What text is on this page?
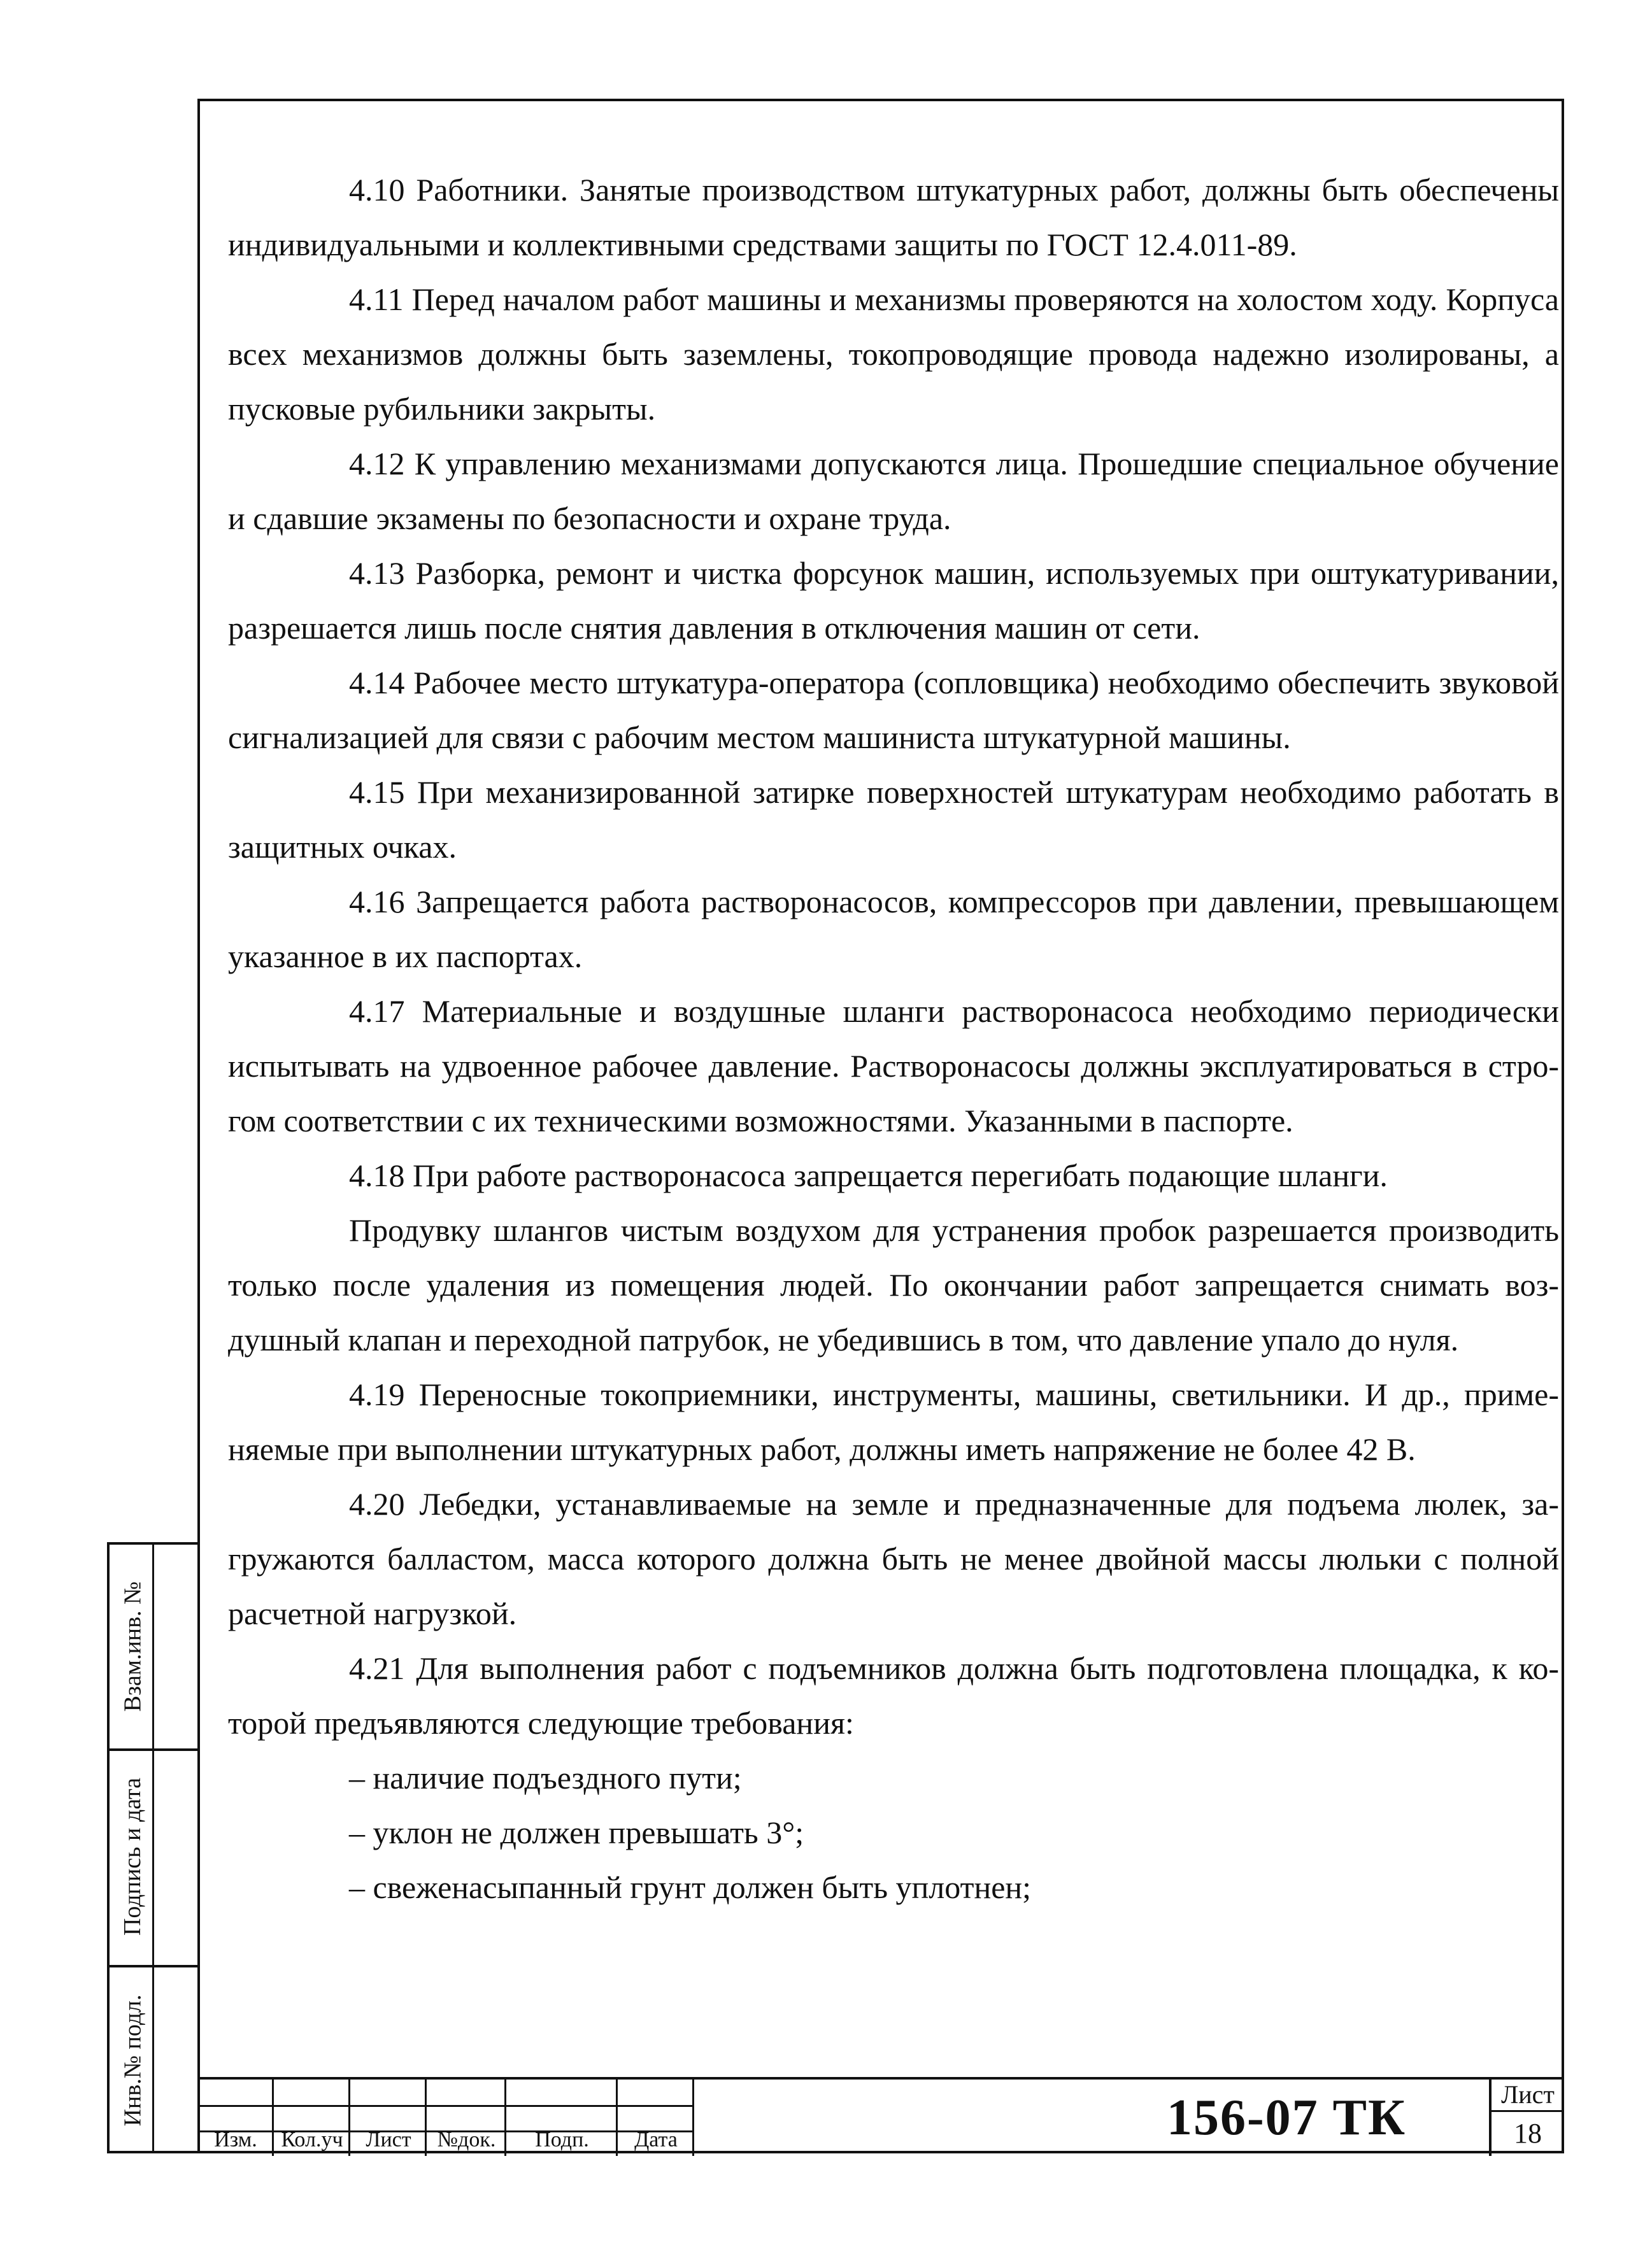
4.10 Работники. Занятые производством штукатурных работ, должны быть обеспечены индивидуальными и коллективными средствами защиты по ГОСТ 12.4.011-89.

4.11 Перед началом работ машины и механизмы проверяются на холостом ходу. Корпуса всех механизмов должны быть заземлены, токопроводящие провода надежно изолированы, а пусковые рубильники закрыты.

4.12 К управлению механизмами допускаются лица. Прошедшие специальное обучение и сдавшие экзамены по безопасности и охране труда.

4.13 Разборка, ремонт и чистка форсунок машин, используемых при оштукатуривании, разрешается лишь после снятия давления в отключения машин от сети.

4.14 Рабочее место штукатура-оператора (сопловщика) необходимо обеспечить звуковой сигнализацией для связи с рабочим местом машиниста штукатурной машины.

4.15 При механизированной затирке поверхностей штукатурам необходимо работать в защитных очках.

4.16 Запрещается работа растворонасосов, компрессоров при давлении, превышающем указанное в их паспортах.

4.17 Материальные и воздушные шланги растворонасоса необходимо периодически испытывать на удвоенное рабочее давление. Растворонасосы должны эксплуатироваться в строгом соответствии с их техническими возможностями. Указанными в паспорте.

4.18 При работе растворонасоса запрещается перегибать подающие шланги.

Продувку шлангов чистым воздухом для устранения пробок разрешается производить только после удаления из помещения людей. По окончании работ запрещается снимать воздушный клапан и переходной патрубок, не убедившись в том, что давление упало до нуля.

4.19 Переносные токоприемники, инструменты, машины, светильники. И др., применяемые при выполнении штукатурных работ, должны иметь напряжение не более 42 В.

4.20 Лебедки, устанавливаемые на земле и предназначенные для подъема люлек, загружаются балластом, масса которого должна быть не менее двойной массы люльки с полной расчетной нагрузкой.

4.21 Для выполнения работ с подъемников должна быть подготовлена площадка, к которой предъявляются следующие требования:

– наличие подъездного пути;

– уклон не должен превышать 3°;

– свеженасыпанный грунт должен быть уплотнен;

Взам.инв. №
Подпись и дата
Инв.№ подл.
Изм.	Кол.уч	Лист	№док.	Подп.	Дата	156-07 ТК	Лист
18
